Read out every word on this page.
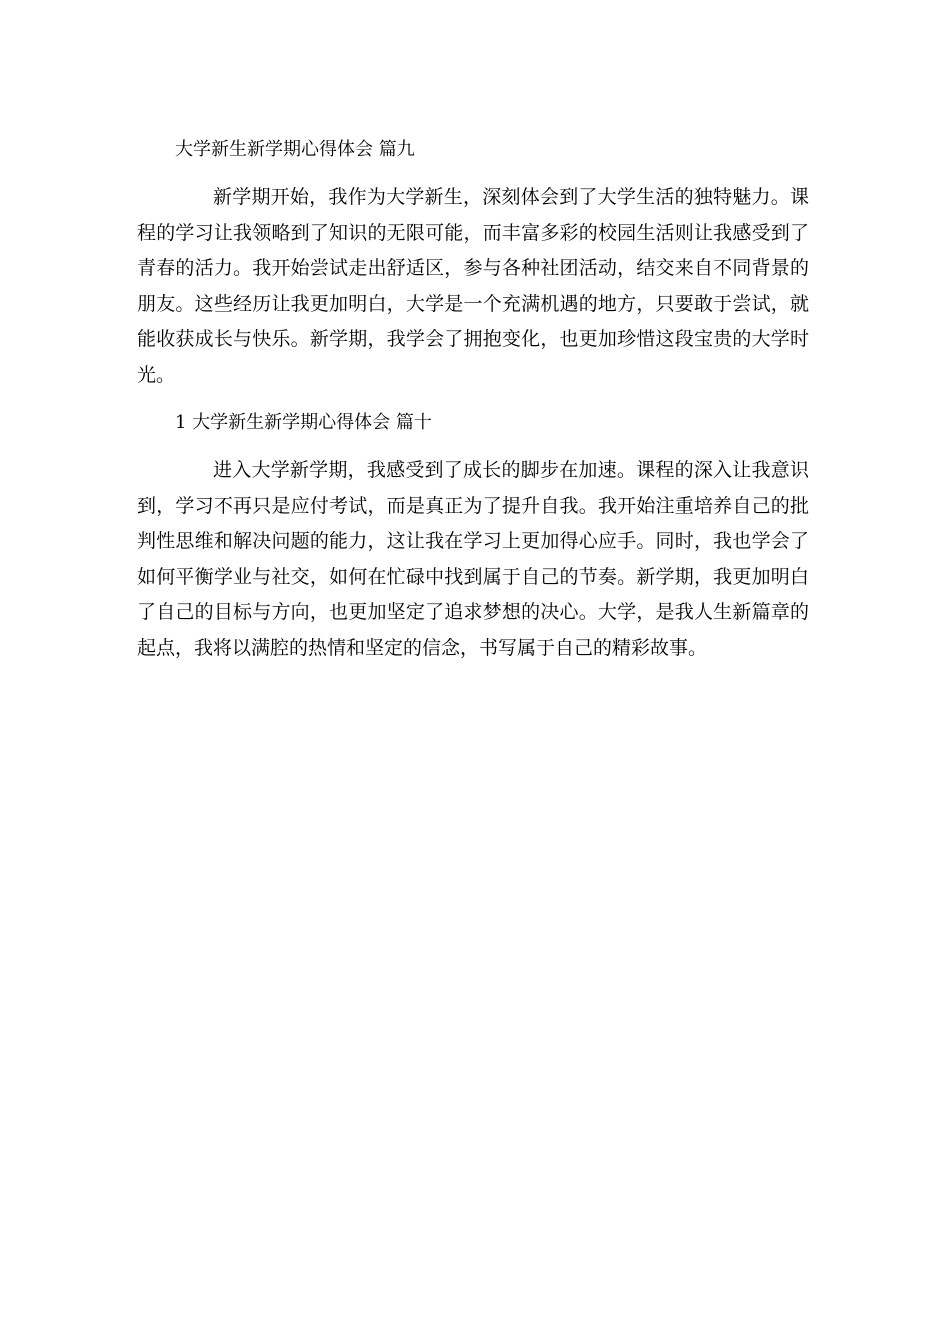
大学新生新学期心得体会 篇九

新学期开始，我作为大学新生，深刻体会到了大学生活的独特魅力。课程的学习让我领略到了知识的无限可能，而丰富多彩的校园生活则让我感受到了青春的活力。我开始尝试走出舒适区，参与各种社团活动，结交来自不同背景的朋友。这些经历让我更加明白，大学是一个充满机遇的地方，只要敢于尝试，就能收获成长与快乐。新学期，我学会了拥抱变化，也更加珍惜这段宝贵的大学时光。

1 大学新生新学期心得体会 篇十

进入大学新学期，我感受到了成长的脚步在加速。课程的深入让我意识到，学习不再只是应付考试，而是真正为了提升自我。我开始注重培养自己的批判性思维和解决问题的能力，这让我在学习上更加得心应手。同时，我也学会了如何平衡学业与社交，如何在忙碌中找到属于自己的节奏。新学期，我更加明白了自己的目标与方向，也更加坚定了追求梦想的决心。大学，是我人生新篇章的起点，我将以满腔的热情和坚定的信念，书写属于自己的精彩故事。
